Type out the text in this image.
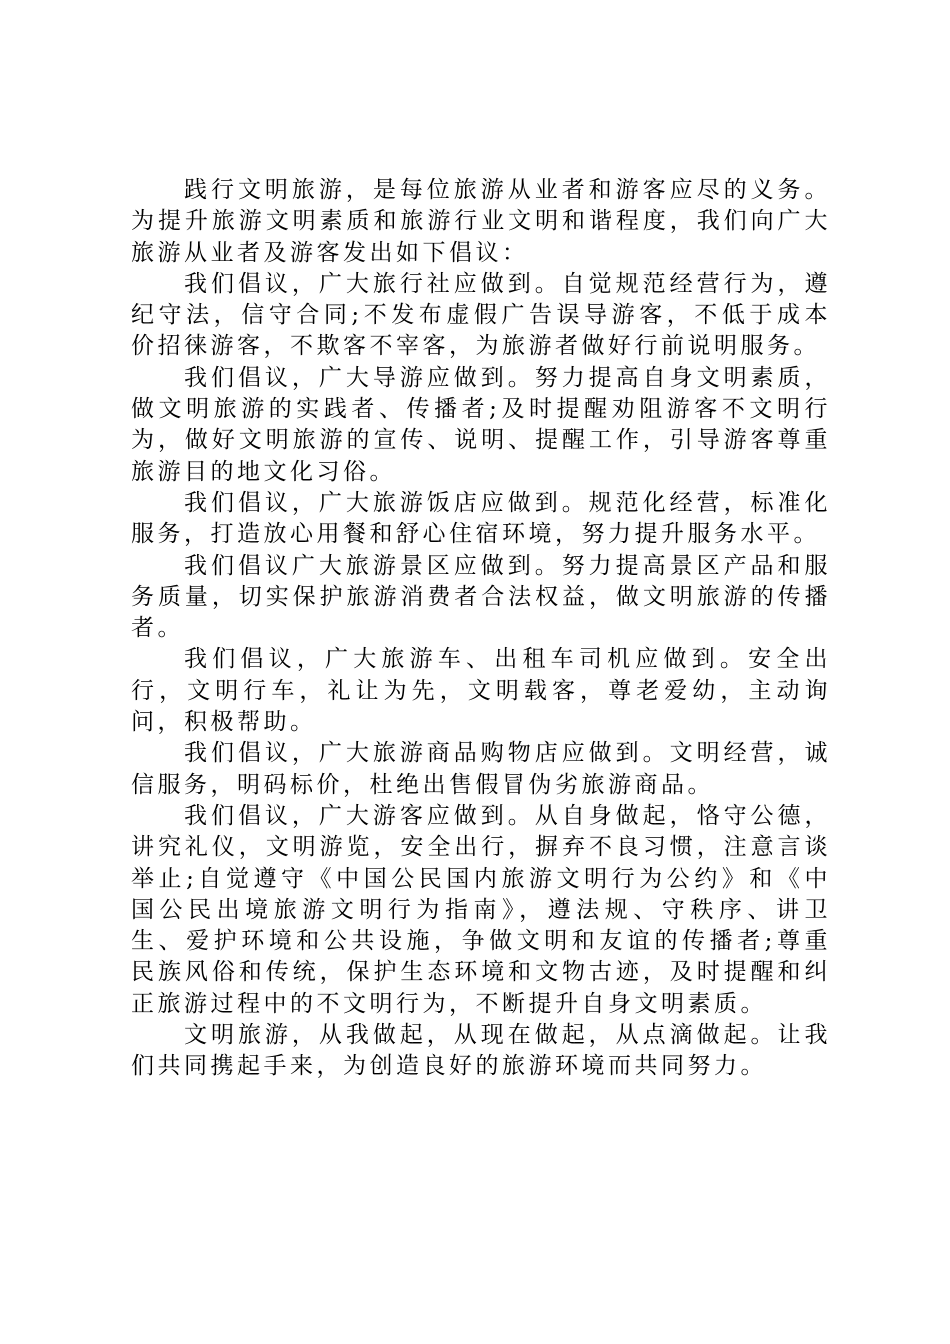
践行文明旅游，是每位旅游从业者和游客应尽的义务。为提升旅游文明素质和旅游行业文明和谐程度，我们向广大旅游从业者及游客发出如下倡议：

我们倡议，广大旅行社应做到。自觉规范经营行为，遵纪守法，信守合同;不发布虚假广告误导游客，不低于成本价招徕游客，不欺客不宰客，为旅游者做好行前说明服务。

我们倡议，广大导游应做到。努力提高自身文明素质，做文明旅游的实践者、传播者;及时提醒劝阻游客不文明行为，做好文明旅游的宣传、说明、提醒工作，引导游客尊重旅游目的地文化习俗。

我们倡议，广大旅游饭店应做到。规范化经营，标准化服务，打造放心用餐和舒心住宿环境，努力提升服务水平。

我们倡议广大旅游景区应做到。努力提高景区产品和服务质量，切实保护旅游消费者合法权益，做文明旅游的传播者。

我们倡议，广大旅游车、出租车司机应做到。安全出行，文明行车，礼让为先，文明载客，尊老爱幼，主动询问，积极帮助。

我们倡议，广大旅游商品购物店应做到。文明经营，诚信服务，明码标价，杜绝出售假冒伪劣旅游商品。

我们倡议，广大游客应做到。从自身做起，恪守公德，讲究礼仪，文明游览，安全出行，摒弃不良习惯，注意言谈举止;自觉遵守《中国公民国内旅游文明行为公约》和《中国公民出境旅游文明行为指南》，遵法规、守秩序、讲卫生、爱护环境和公共设施，争做文明和友谊的传播者;尊重民族风俗和传统，保护生态环境和文物古迹，及时提醒和纠正旅游过程中的不文明行为，不断提升自身文明素质。

文明旅游，从我做起，从现在做起，从点滴做起。让我们共同携起手来，为创造良好的旅游环境而共同努力。
